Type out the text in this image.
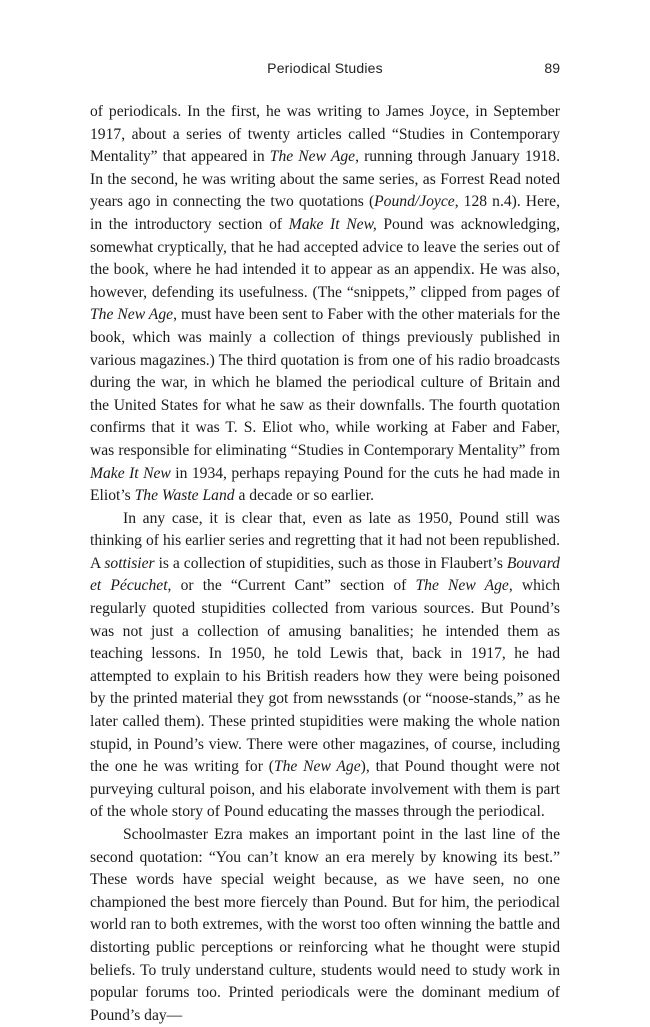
Periodical Studies	89

of periodicals. In the first, he was writing to James Joyce, in September 1917, about a series of twenty articles called “Studies in Contemporary Mentality” that appeared in The New Age, running through January 1918. In the second, he was writing about the same series, as Forrest Read noted years ago in connecting the two quotations (Pound/Joyce, 128 n.4). Here, in the introductory section of Make It New, Pound was acknowledging, somewhat cryptically, that he had accepted advice to leave the series out of the book, where he had intended it to appear as an appendix. He was also, however, defending its usefulness. (The “snippets,” clipped from pages of The New Age, must have been sent to Faber with the other materials for the book, which was mainly a collection of things previously published in various magazines.) The third quotation is from one of his radio broadcasts during the war, in which he blamed the periodical culture of Britain and the United States for what he saw as their downfalls. The fourth quotation confirms that it was T. S. Eliot who, while working at Faber and Faber, was responsible for eliminating “Studies in Contemporary Mentality” from Make It New in 1934, perhaps repaying Pound for the cuts he had made in Eliot’s The Waste Land a decade or so earlier.

In any case, it is clear that, even as late as 1950, Pound still was thinking of his earlier series and regretting that it had not been republished. A sottisier is a collection of stupidities, such as those in Flaubert’s Bouvard et Pécuchet, or the “Current Cant” section of The New Age, which regularly quoted stupidities collected from various sources. But Pound’s was not just a collection of amusing banalities; he intended them as teaching lessons. In 1950, he told Lewis that, back in 1917, he had attempted to explain to his British readers how they were being poisoned by the printed material they got from newsstands (or “noose-stands,” as he later called them). These printed stupidities were making the whole nation stupid, in Pound’s view. There were other magazines, of course, including the one he was writing for (The New Age), that Pound thought were not purveying cultural poison, and his elaborate involvement with them is part of the whole story of Pound educating the masses through the periodical.

Schoolmaster Ezra makes an important point in the last line of the second quotation: “You can’t know an era merely by knowing its best.” These words have special weight because, as we have seen, no one championed the best more fiercely than Pound. But for him, the periodical world ran to both extremes, with the worst too often winning the battle and distorting public perceptions or reinforcing what he thought were stupid beliefs. To truly understand culture, students would need to study work in popular forums too. Printed periodicals were the dominant medium of Pound’s day—
